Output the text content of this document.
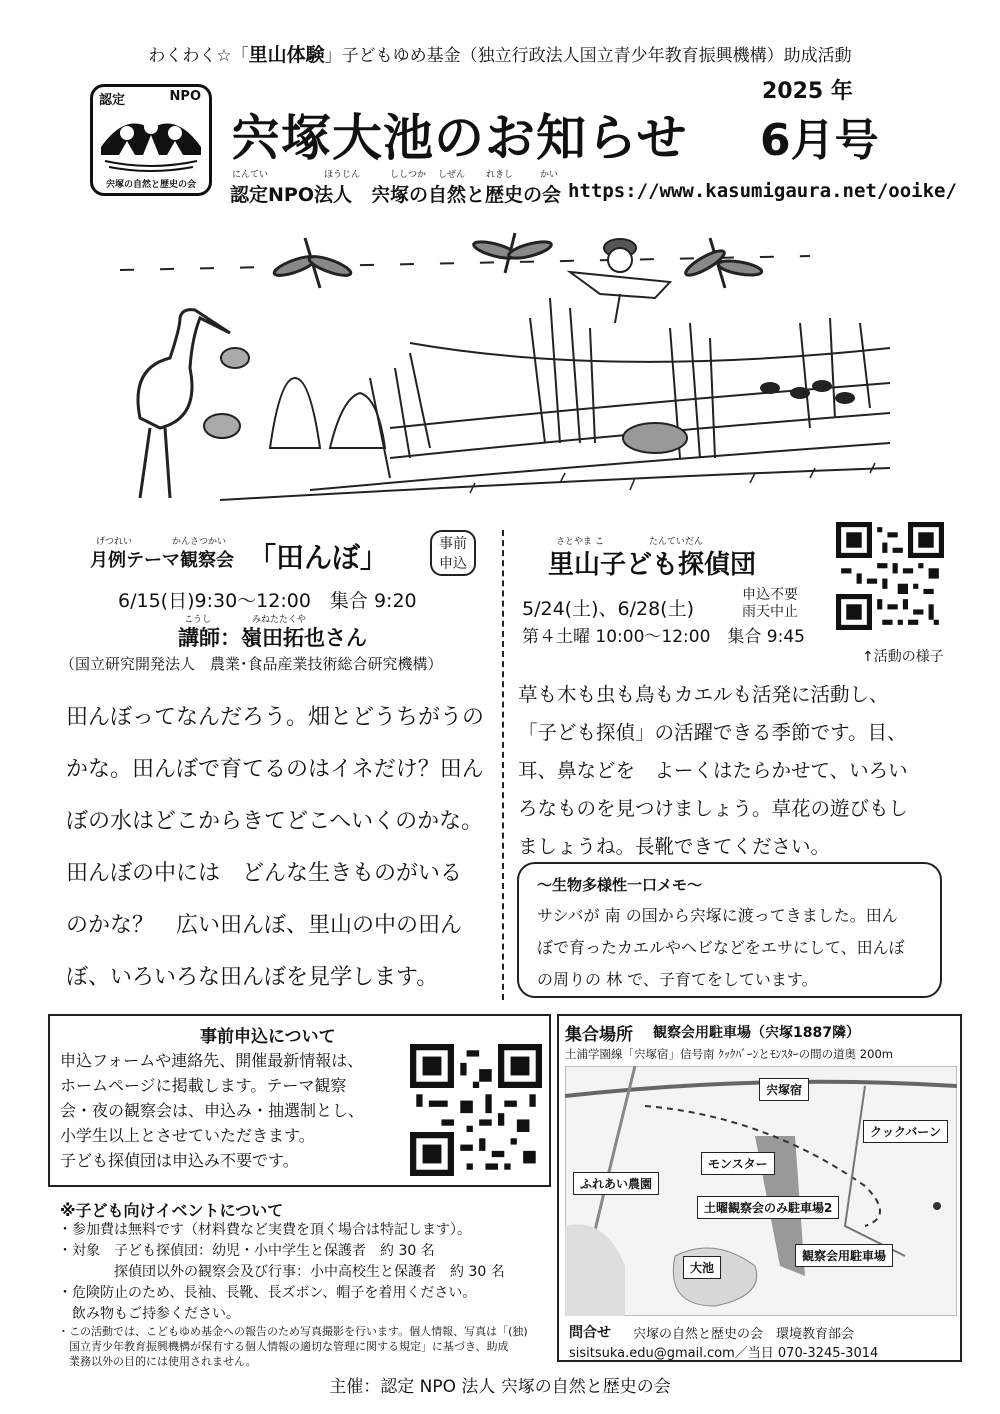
わくわく☆「里山体験」子どもゆめ基金（独立行政法人国立青少年教育振興機構）助成活動
認定	NPO
宍塚の自然と歴史の会
宍塚大池のお知らせ
2025 年
6月号
にんてい	ほうじん	ししつか しぜん れきし	かい
認定NPO法人　宍塚の自然と歴史の会 https://www.kasumigaura.net/ooike/
げつれい	かんさつかい
月例テーマ観察会 「田んぼ」	事前
申込
6/15(日)9:30～12:00　集合 9:20
こうし	みねたたくや
講師：嶺田拓也さん
（国立研究開発法人　農業･食品産業技術総合研究機構）
田んぼってなんだろう。畑とどうちがうの
かな。田んぼで育てるのはイネだけ？田ん
ぼの水はどこからきてどこへいくのかな。
田んぼの中には　どんな生きものがいる
のかな？　広い田んぼ、里山の中の田ん
ぼ、いろいろな田んぼを見学します。
さとやま こ　　　　　たんていだん
里山子ども探偵団
5/24(土)、6/28(土)
申込不要
雨天中止
第４土曜 10:00～12:00　集合 9:45
↑活動の様子
草も木も虫も鳥もカエルも活発に活動し、
「子ども探偵」の活躍できる季節です。目、
耳、鼻などを　よーくはたらかせて、いろい
ろなものを見つけましょう。草花の遊びもし
ましょうね。長靴できてください。
～生物多様性一口メモ～
サシバが 南 の国から宍塚に渡ってきました。田ん
ぼで育ったカエルやヘビなどをエサにして、田んぼ
の周りの 林 で、子育てをしています。
事前申込について
申込フォームや連絡先、開催最新情報は、
ホームページに掲載します。テーマ観察
会・夜の観察会は、申込み・抽選制とし、
小学生以上とさせていただきます。
子ども探偵団は申込み不要です。
※子ども向けイベントについて
・参加費は無料です（材料費など実費を頂く場合は特記します）。
・対象　子ども探偵団：幼児・小中学生と保護者　約 30 名
　　　　探偵団以外の観察会及び行事：小中高校生と保護者　約 30 名
・危険防止のため、長袖、長靴、長ズボン、帽子を着用ください。
　飲み物もご持参ください。
・この活動では、こどもゆめ基金への報告のため写真撮影を行います。個人情報、写真は「(独)
　国立青少年教育振興機構が保有する個人情報の適切な管理に関する規定」に基づき、助成
　業務以外の目的には使用されません。
集合場所 観察会用駐車場（宍塚1887隣）
土浦学園線「宍塚宿」信号南 ｸｯｸﾊﾞｰﾝとﾓﾝｽﾀｰの間の道奥 200m
宍塚宿
クックバーン
モンスター
ふれあい農園
土曜観察会のみ駐車場2
大池
観察会用駐車場
問合せ 宍塚の自然と歴史の会　環境教育部会
sisitsuka.edu@gmail.com／当日 070-3245-3014
主催：認定 NPO 法人 宍塚の自然と歴史の会
